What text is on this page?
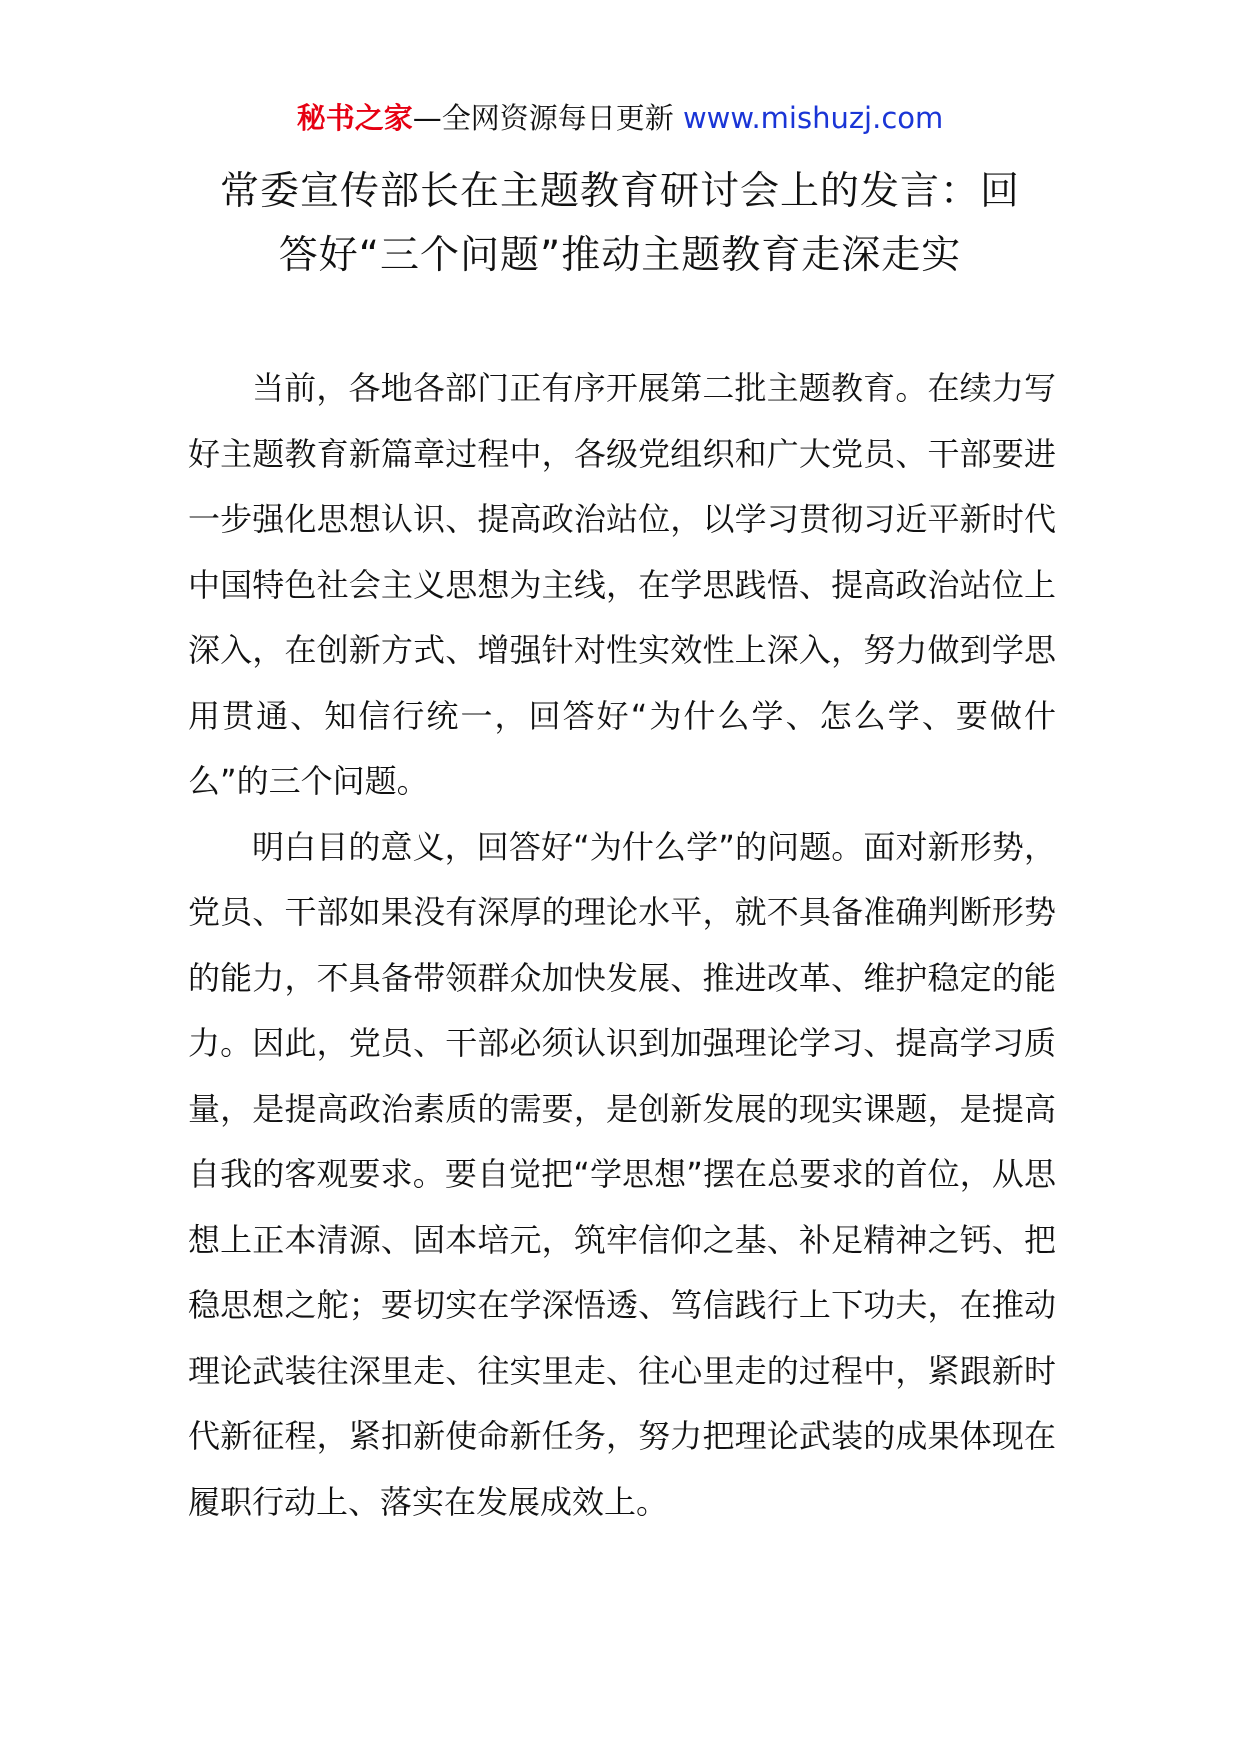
秘书之家—全网资源每日更新 www.mishuzj.com
常委宣传部长在主题教育研讨会上的发言：回
答好“三个问题”推动主题教育走深走实

当前，各地各部门正有序开展第二批主题教育。在续力写好主题教育新篇章过程中，各级党组织和广大党员、干部要进一步强化思想认识、提高政治站位，以学习贯彻习近平新时代中国特色社会主义思想为主线，在学思践悟、提高政治站位上深入，在创新方式、增强针对性实效性上深入，努力做到学思用贯通、知信行统一，回答好“为什么学、怎么学、要做什么”的三个问题。

明白目的意义，回答好“为什么学”的问题。面对新形势，党员、干部如果没有深厚的理论水平，就不具备准确判断形势的能力，不具备带领群众加快发展、推进改革、维护稳定的能力。因此，党员、干部必须认识到加强理论学习、提高学习质量，是提高政治素质的需要，是创新发展的现实课题，是提高自我的客观要求。要自觉把“学思想”摆在总要求的首位，从思想上正本清源、固本培元，筑牢信仰之基、补足精神之钙、把稳思想之舵；要切实在学深悟透、笃信践行上下功夫，在推动理论武装往深里走、往实里走、往心里走的过程中，紧跟新时代新征程，紧扣新使命新任务，努力把理论武装的成果体现在履职行动上、落实在发展成效上。
